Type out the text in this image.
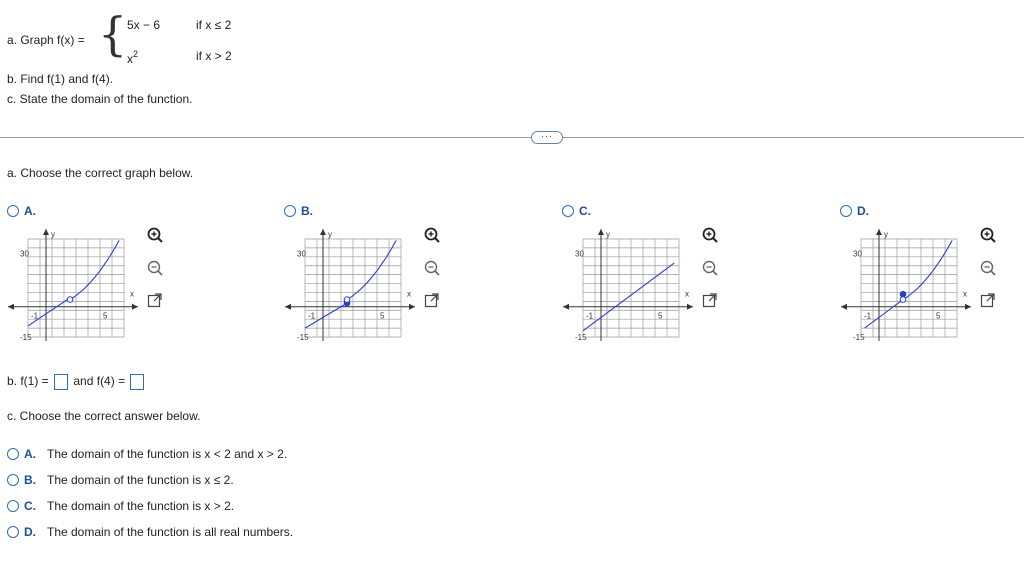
a. Graph f(x) = { 5x − 6	if x ≤ 2
$x^2$	if x > 2
b. Find f(1) and f(4).
c. State the domain of the function.
···
a. Choose the correct graph below.
A.
y
x
30
-15
-1	5
B.
y
x
30
-15
-1	5
C.
y
x
30
-15
-1	5
D.
y
x
30
-15
-1	5
b. f(1) = and f(4) =
c. Choose the correct answer below.
A. The domain of the function is x < 2 and x > 2.
B. The domain of the function is x ≤ 2.
C. The domain of the function is x > 2.
D. The domain of the function is all real numbers.
